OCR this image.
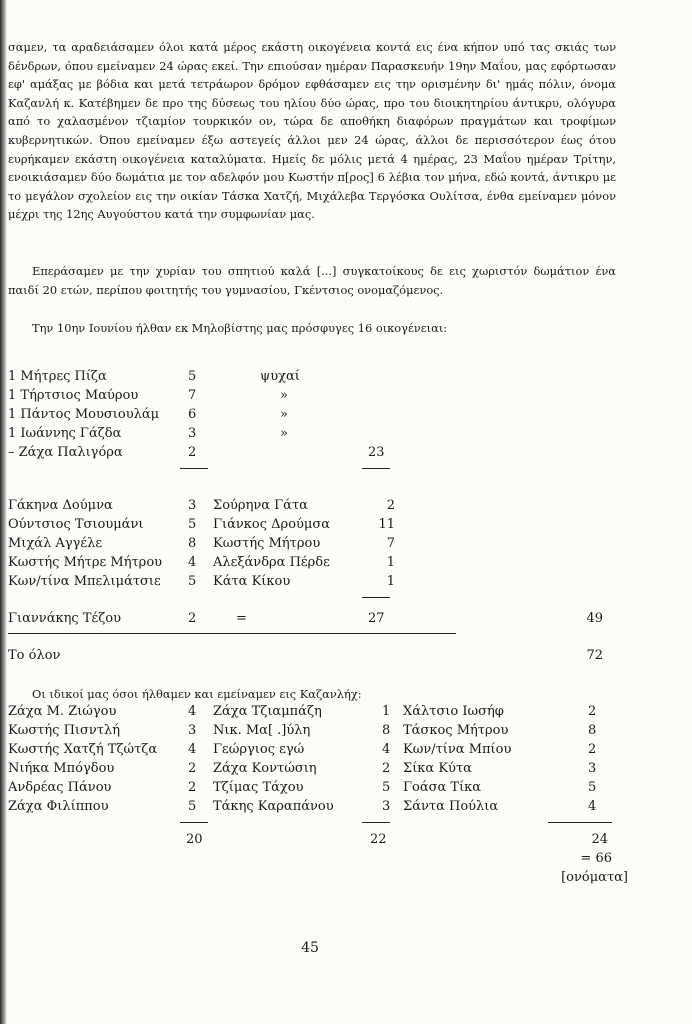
σαμεν, τα αραδειάσαμεν όλοι κατά μέρος εκάστη οικογένεια κοντά εις ένα κήπον υπό τας σκιάς των δένδρων, όπου εμείναμεν 24 ώρας εκεί. Την επιούσαν ημέραν Παρασκευήν 19ην Μαΐου, μας εφόρτωσαν εφ' αμάξας με βόδια και μετά τετράωρον δρόμον εφθάσαμεν εις την ορισμένην δι' ημάς πόλιν, όνομα Καζανλή κ. Κατέβημεν δε προ της δύσεως του ηλίου δύο ώρας, προ του διοικητηρίου άντικρυ, ολόγυρα από το χαλασμένον τζιαμίον τουρκικόν ον, τώρα δε αποθήκη διαφόρων πραγμάτων και τροφίμων κυβερνητικών. Όπου εμείναμεν έξω αστεγείς άλλοι μεν 24 ώρας, άλλοι δε περισσότερον έως ότου ευρήκαμεν εκάστη οικογένεια καταλύματα. Ημείς δε μόλις μετά 4 ημέρας, 23 Μαΐου ημέραν Τρίτην, ενοικιάσαμεν δύο δωμάτια με τον αδελφόν μου Κωστήν π[ρος] 6 λέβια τον μήνα, εδώ κοντά, άντικρυ με το μεγάλον σχολείον εις την οικίαν Τάσκα Χατζή, Μιχάλεβα Τεργόσκα Ουλίτσα, ένθα εμείναμεν μόνον μέχρι της 12ης Αυγούστου κατά την συμφωνίαν μας.

Επεράσαμεν με την χυρίαν του σπητιού καλά [...] συγκατοίκους δε εις χωριστόν δωμάτιον ένα παιδί 20 ετών, περίπου φοιτητής του γυμνασίου, Γκέντσιος ονομαζόμενος.

Την 10ην Ιουνίου ήλθαν εκ Μηλοβίστης μας πρόσφυγες 16 οικογένειαι:

1 Μήτρες Πίζα	5	ψυχαί
1 Τήρτσιος Μαύρου	7	»
1 Πάντος Μουσιουλάμ 6	»
1 Ιωάννης Γάζδα	3	»
– Ζάχα Παλιγόρα	2	23
Γάκηνα Δούμνα	3 Σούρηνα Γάτα	2
Ούντσιος Τσιουμάνι	5 Γιάνκος Δρούμσα	11
Μιχάλ Αγγέλε	8 Κωστής Μήτρου	7
Κωστής Μήτρε Μήτρου 4 Αλεξάνδρα Πέρδε	1
Κων/τίνα Μπελιμάτσιε 5 Κάτα Κίκου	1
Γιαννάκης Τέζου	2	=	27	49
Το όλον	72

Οι ιδικοί μας όσοι ήλθαμεν και εμείναμεν εις Καζανλήχ:

Ζάχα Μ. Ζιώγου	4 Ζάχα Τζιαμπάζη	1 Χάλτσιο Ιωσήφ	2
Κωστής Πισντλή	3 Νικ. Μα[ .]ύλη	8 Τάσκος Μήτρου	8
Κωστής Χατζή Τζώτζα 4 Γεώργιος εγώ	4 Κων/τίνα Μπίου	2
Νιήκα Μπόγδου	2 Ζάχα Κοντώσιη	2 Σίκα Κύτα	3
Ανδρέας Πάνου	2 Τζίμας Τάχου	5 Γοάσα Τίκα	5
Ζάχα Φιλίππου	5 Τάκης Καραπάνου	3 Σάντα Πούλια	4
20	22	24
= 66
[ονόματα]
45
